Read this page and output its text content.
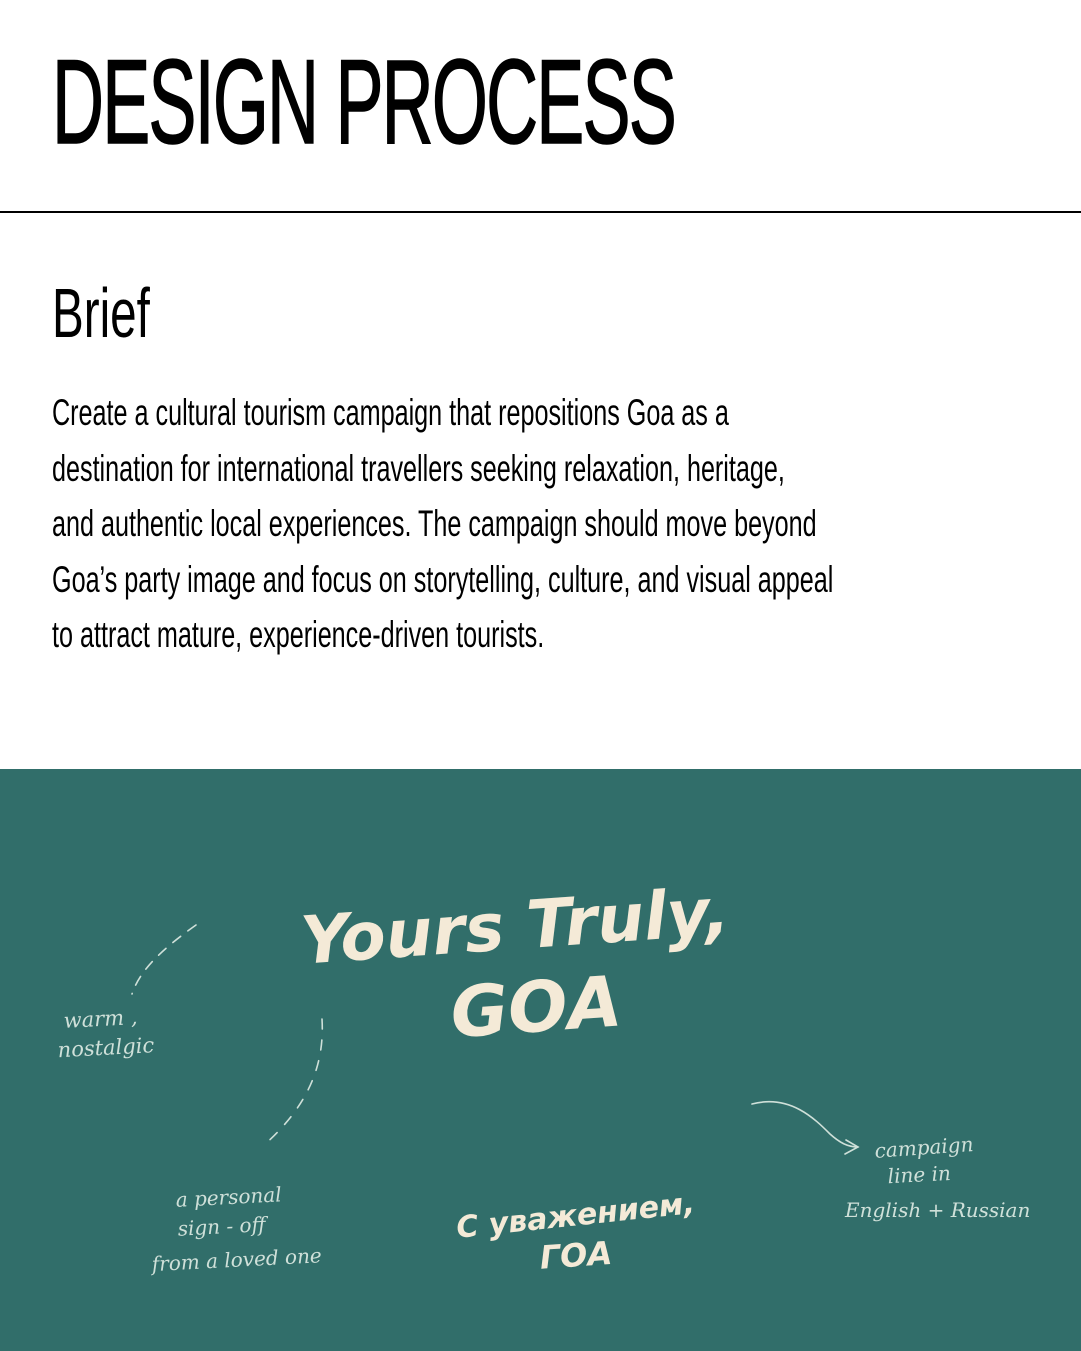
DESIGN PROCESS
Brief

Create a cultural tourism campaign that repositions Goa as a
destination for international travellers seeking relaxation, heritage,
and authentic local experiences. The campaign should move beyond
Goa’s party image and focus on storytelling, culture, and visual appeal
to attract mature, experience-driven tourists.

Yours Truly,
GOA
С уважением,
ГОА
warm ,
nostalgic
a personal
sign - off
from a loved one
campaign
line in
English + Russian
